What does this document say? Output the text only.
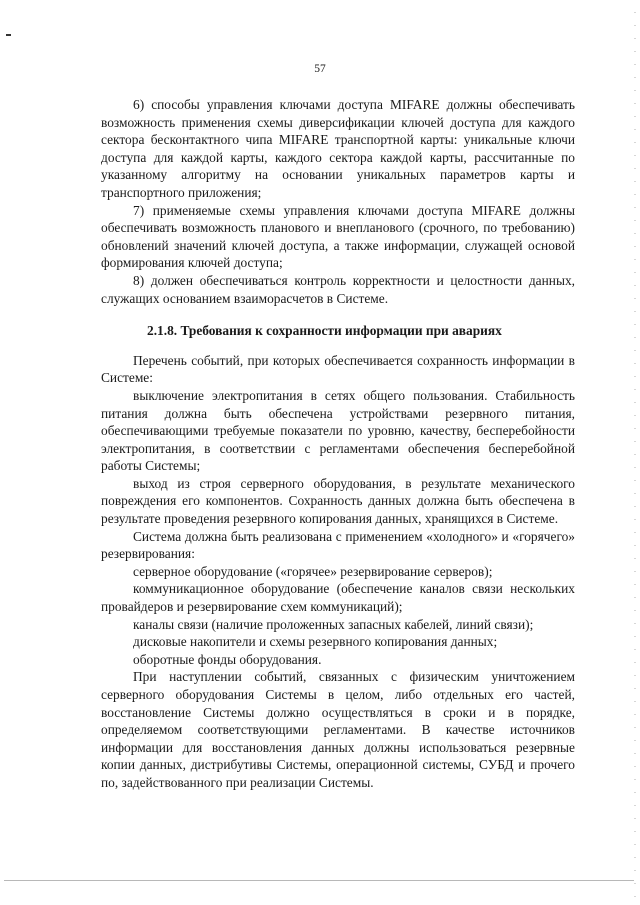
57

6) способы управления ключами доступа MIFARE должны обеспечивать возможность применения схемы диверсификации ключей доступа для каждого сектора бесконтактного чипа MIFARE транспортной карты: уникальные ключи доступа для каждой карты, каждого сектора каждой карты, рассчитанные по указанному алгоритму на основании уникальных параметров карты и транспортного приложения;

7) применяемые схемы управления ключами доступа MIFARE должны обеспечивать возможность планового и внепланового (срочного, по требованию) обновлений значений ключей доступа, а также информации, служащей основой формирования ключей доступа;

8) должен обеспечиваться контроль корректности и целостности данных, служащих основанием взаиморасчетов в Системе.

2.1.8. Требования к сохранности информации при авариях

Перечень событий, при которых обеспечивается сохранность информации в Системе:

выключение электропитания в сетях общего пользования. Стабильность питания должна быть обеспечена устройствами резервного питания, обеспечивающими требуемые показатели по уровню, качеству, бесперебойности электропитания, в соответствии с регламентами обеспечения бесперебойной работы Системы;

выход из строя серверного оборудования, в результате механического повреждения его компонентов. Сохранность данных должна быть обеспечена в результате проведения резервного копирования данных, хранящихся в Системе.

Система должна быть реализована с применением «холодного» и «горячего» резервирования:

серверное оборудование («горячее» резервирование серверов);

коммуникационное оборудование (обеспечение каналов связи нескольких провайдеров и резервирование схем коммуникаций);

каналы связи (наличие проложенных запасных кабелей, линий связи);

дисковые накопители и схемы резервного копирования данных;

оборотные фонды оборудования.

При наступлении событий, связанных с физическим уничтожением серверного оборудования Системы в целом, либо отдельных его частей, восстановление Системы должно осуществляться в сроки и в порядке, определяемом соответствующими регламентами. В качестве источников информации для восстановления данных должны использоваться резервные копии данных, дистрибутивы Системы, операционной системы, СУБД и прочего по, задействованного при реализации Системы.
